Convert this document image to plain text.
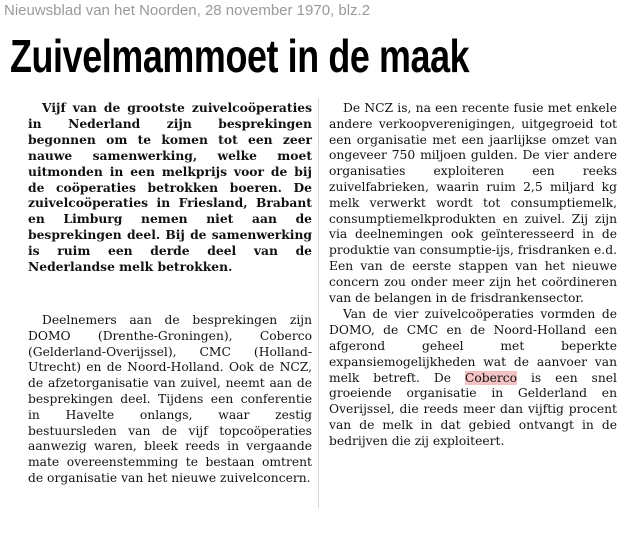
Nieuwsblad van het Noorden, 28 november 1970, blz.2
Zuivelmammoet in de maak

Vijf van de grootste zuivelcoöperaties in Nederland zijn besprekingen begonnen om te komen tot een zeer nauwe samenwerking, welke moet uitmonden in een melkprijs voor de bij de coöperaties betrokken boeren. De zuivelcoöperaties in Friesland, Brabant en Limburg nemen niet aan de besprekingen deel. Bij de samenwerking is ruim een derde deel van de Nederlandse melk betrokken.

Deelnemers aan de besprekingen zijn DOMO (Drenthe-Groningen), Coberco (Gelderland-Overijssel), CMC (Holland-Utrecht) en de Noord-Holland. Ook de NCZ, de afzetorganisatie van zuivel, neemt aan de besprekingen deel. Tijdens een conferentie in Havelte onlangs, waar zestig bestuursleden van de vijf topcoöperaties aanwezig waren, bleek reeds in vergaande mate overeenstemming te bestaan omtrent de organisatie van het nieuwe zuivelconcern.

De NCZ is, na een recente fusie met enkele andere verkoopverenigingen, uitgegroeid tot een organisatie met een jaarlijkse omzet van ongeveer 750 miljoen gulden. De vier andere organisaties exploiteren een reeks zuivelfabrieken, waarin ruim 2,5 miljard kg melk verwerkt wordt tot consumptiemelk, consumptiemelkprodukten en zuivel. Zij zijn via deelnemingen ook geïnteresseerd in de produktie van consumptie-ijs, frisdranken e.d. Een van de eerste stappen van het nieuwe concern zou onder meer zijn het coördineren van de belangen in de frisdrankensector.

Van de vier zuivelcoöperaties vormden de DOMO, de CMC en de Noord-Holland een afgerond geheel met beperkte expansiemogelijkheden wat de aanvoer van melk betreft. De Coberco is een snel groeiende organisatie in Gelderland en Overijssel, die reeds meer dan vijftig procent van de melk in dat gebied ontvangt in de bedrijven die zij exploiteert.
